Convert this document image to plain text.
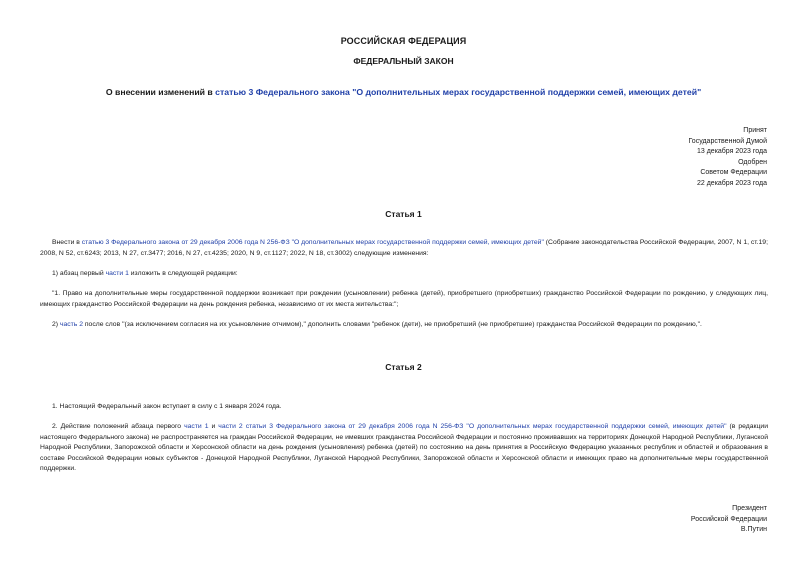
РОССИЙСКАЯ ФЕДЕРАЦИЯ
ФЕДЕРАЛЬНЫЙ ЗАКОН
О внесении изменений в статью 3 Федерального закона "О дополнительных мерах государственной поддержки семей, имеющих детей"
Принят
Государственной Думой
13 декабря 2023 года
Одобрен
Советом Федерации
22 декабря 2023 года
Статья 1
Внести в статью 3 Федерального закона от 29 декабря 2006 года N 256-ФЗ "О дополнительных мерах государственной поддержки семей, имеющих детей" (Собрание законодательства Российской Федерации, 2007, N 1, ст.19; 2008, N 52, ст.6243; 2013, N 27, ст.3477; 2016, N 27, ст.4235; 2020, N 9, ст.1127; 2022, N 18, ст.3002) следующие изменения:
1) абзац первый части 1 изложить в следующей редакции:
"1. Право на дополнительные меры государственной поддержки возникает при рождении (усыновлении) ребенка (детей), приобретшего (приобретших) гражданство Российской Федерации по рождению, у следующих лиц, имеющих гражданство Российской Федерации на день рождения ребенка, независимо от их места жительства:";
2) часть 2 после слов "(за исключением согласия на их усыновление отчимом)," дополнить словами "ребенок (дети), не приобретший (не приобретшие) гражданства Российской Федерации по рождению,".
Статья 2
1. Настоящий Федеральный закон вступает в силу с 1 января 2024 года.
2. Действие положений абзаца первого части 1 и части 2 статьи 3 Федерального закона от 29 декабря 2006 года N 256-ФЗ "О дополнительных мерах государственной поддержки семей, имеющих детей" (в редакции настоящего Федерального закона) не распространяется на граждан Российской Федерации, не имевших гражданства Российской Федерации и постоянно проживавших на территориях Донецкой Народной Республики, Луганской Народной Республики, Запорожской области и Херсонской области на день рождения (усыновления) ребенка (детей) по состоянию на день принятия в Российскую Федерацию указанных республик и областей и образования в составе Российской Федерации новых субъектов - Донецкой Народной Республики, Луганской Народной Республики, Запорожской области и Херсонской области и имеющих право на дополнительные меры государственной поддержки.
Президент
Российской Федерации
В.Путин
